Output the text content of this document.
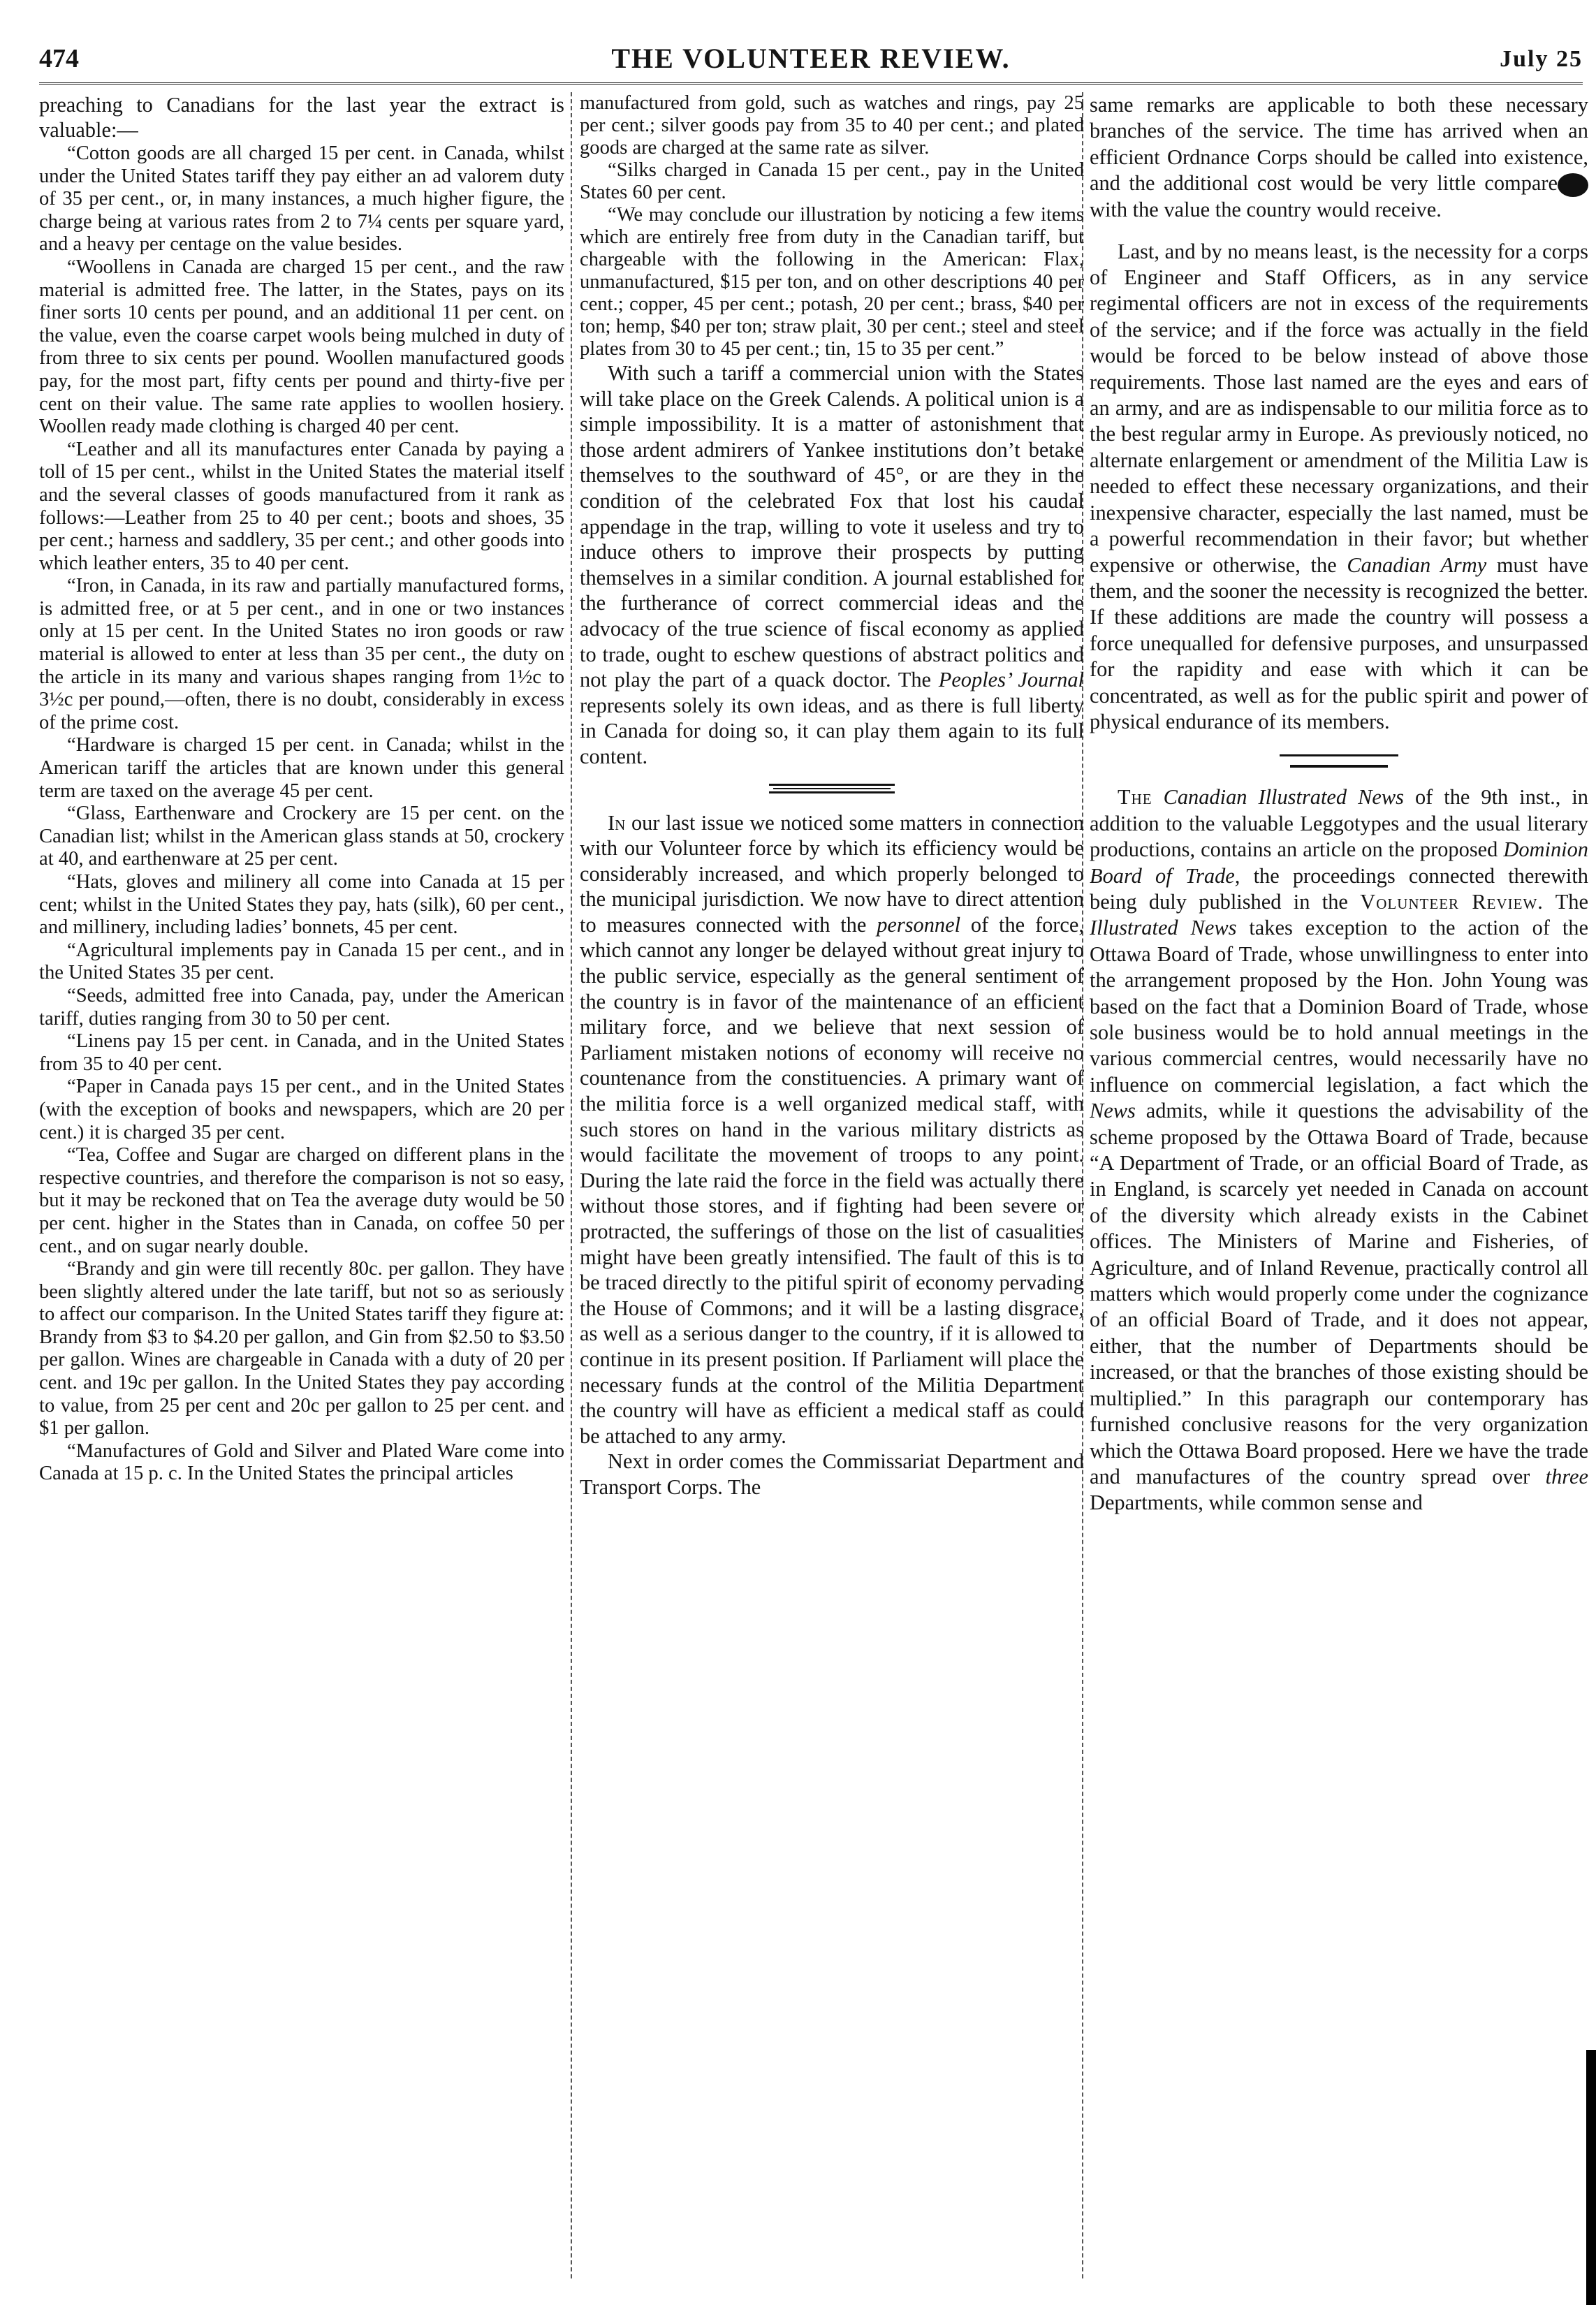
474	THE VOLUNTEER REVIEW.	July 25

preaching to Canadians for the last year the extract is valuable:—

“Cotton goods are all charged 15 per cent. in Canada, whilst under the United States tariff they pay either an ad valorem duty of 35 per cent., or, in many instances, a much higher figure, the charge being at various rates from 2 to 7¼ cents per square yard, and a heavy per centage on the value besides.

“Woollens in Canada are charged 15 per cent., and the raw material is admitted free. The latter, in the States, pays on its finer sorts 10 cents per pound, and an additional 11 per cent. on the value, even the coarse carpet wools being mulched in duty of from three to six cents per pound. Woollen manufactured goods pay, for the most part, fifty cents per pound and thirty-five per cent on their value. The same rate applies to woollen hosiery. Woollen ready made clothing is charged 40 per cent.

“Leather and all its manufactures enter Canada by paying a toll of 15 per cent., whilst in the United States the material itself and the several classes of goods manufactured from it rank as follows:—Leather from 25 to 40 per cent.; boots and shoes, 35 per cent.; harness and saddlery, 35 per cent.; and other goods into which leather enters, 35 to 40 per cent.

“Iron, in Canada, in its raw and partially manufactured forms, is admitted free, or at 5 per cent., and in one or two instances only at 15 per cent. In the United States no iron goods or raw material is allowed to enter at less than 35 per cent., the duty on the article in its many and various shapes ranging from 1½c to 3½c per pound,—often, there is no doubt, considerably in excess of the prime cost.

“Hardware is charged 15 per cent. in Canada; whilst in the American tariff the articles that are known under this general term are taxed on the average 45 per cent.

“Glass, Earthenware and Crockery are 15 per cent. on the Canadian list; whilst in the American glass stands at 50, crockery at 40, and earthenware at 25 per cent.

“Hats, gloves and milinery all come into Canada at 15 per cent; whilst in the United States they pay, hats (silk), 60 per cent., and millinery, including ladies’ bonnets, 45 per cent.

“Agricultural implements pay in Canada 15 per cent., and in the United States 35 per cent.

“Seeds, admitted free into Canada, pay, under the American tariff, duties ranging from 30 to 50 per cent.

“Linens pay 15 per cent. in Canada, and in the United States from 35 to 40 per cent.

“Paper in Canada pays 15 per cent., and in the United States (with the exception of books and newspapers, which are 20 per cent.) it is charged 35 per cent.

“Tea, Coffee and Sugar are charged on different plans in the respective countries, and therefore the comparison is not so easy, but it may be reckoned that on Tea the average duty would be 50 per cent. higher in the States than in Canada, on coffee 50 per cent., and on sugar nearly double.

“Brandy and gin were till recently 80c. per gallon. They have been slightly altered under the late tariff, but not so as seriously to affect our comparison. In the United States tariff they figure at: Brandy from $3 to $4.20 per gallon, and Gin from $2.50 to $3.50 per gallon. Wines are chargeable in Canada with a duty of 20 per cent. and 19c per gallon. In the United States they pay according to value, from 25 per cent and 20c per gallon to 25 per cent. and $1 per gallon.

“Manufactures of Gold and Silver and Plated Ware come into Canada at 15 p. c. In the United States the principal articles

manufactured from gold, such as watches and rings, pay 25 per cent.; silver goods pay from 35 to 40 per cent.; and plated goods are charged at the same rate as silver.

“Silks charged in Canada 15 per cent., pay in the United States 60 per cent.

“We may conclude our illustration by noticing a few items which are entirely free from duty in the Canadian tariff, but chargeable with the following in the American: Flax, unmanufactured, $15 per ton, and on other descriptions 40 per cent.; copper, 45 per cent.; potash, 20 per cent.; brass, $40 per ton; hemp, $40 per ton; straw plait, 30 per cent.; steel and steel plates from 30 to 45 per cent.; tin, 15 to 35 per cent.”

With such a tariff a commercial union with the States will take place on the Greek Calends. A political union is a simple impossibility. It is a matter of astonishment that those ardent admirers of Yankee institutions don’t betake themselves to the southward of 45°, or are they in the condition of the celebrated Fox that lost his caudal appendage in the trap, willing to vote it useless and try to induce others to improve their prospects by putting themselves in a similar condition. A journal established for the furtherance of correct commercial ideas and the advocacy of the true science of fiscal economy as applied to trade, ought to eschew questions of abstract politics and not play the part of a quack doctor. The Peoples’ Journal represents solely its own ideas, and as there is full liberty in Canada for doing so, it can play them again to its full content.

In our last issue we noticed some matters in connection with our Volunteer force by which its efficiency would be considerably increased, and which properly belonged to the municipal jurisdiction. We now have to direct attention to measures connected with the personnel of the force, which cannot any longer be delayed without great injury to the public service, especially as the general sentiment of the country is in favor of the maintenance of an efficient military force, and we believe that next session of Parliament mistaken notions of economy will receive no countenance from the constituencies. A primary want of the militia force is a well organized medical staff, with such stores on hand in the various military districts as would facilitate the movement of troops to any point. During the late raid the force in the field was actually there without those stores, and if fighting had been severe or protracted, the sufferings of those on the list of casualities might have been greatly intensified. The fault of this is to be traced directly to the pitiful spirit of economy pervading the House of Commons; and it will be a lasting disgrace, as well as a serious danger to the country, if it is allowed to continue in its present position. If Parliament will place the necessary funds at the control of the Militia Department the country will have as efficient a medical staff as could be attached to any army.

Next in order comes the Commissariat Department and Transport Corps. The

same remarks are applicable to both these necessary branches of the service. The time has arrived when an efficient Ordnance Corps should be called into existence, and the additional cost would be very little comparewith the value the country would receive.

Last, and by no means least, is the necessity for a corps of Engineer and Staff Officers, as in any service regimental officers are not in excess of the requirements of the service; and if the force was actually in the field would be forced to be below instead of above those requirements. Those last named are the eyes and ears of an army, and are as indispensable to our militia force as to the best regular army in Europe. As previously noticed, no alternate enlargement or amendment of the Militia Law is needed to effect these necessary organizations, and their inexpensive character, especially the last named, must be a powerful recommendation in their favor; but whether expensive or otherwise, the Canadian Army must have them, and the sooner the necessity is recognized the better. If these additions are made the country will possess a force unequalled for defensive purposes, and unsurpassed for the rapidity and ease with which it can be concentrated, as well as for the public spirit and power of physical endurance of its members.

The Canadian Illustrated News of the 9th inst., in addition to the valuable Leggotypes and the usual literary productions, contains an article on the proposed Dominion Board of Trade, the proceedings connected therewith being duly published in the Volunteer Review. The Illustrated News takes exception to the action of the Ottawa Board of Trade, whose unwillingness to enter into the arrangement proposed by the Hon. John Young was based on the fact that a Dominion Board of Trade, whose sole business would be to hold annual meetings in the various commercial centres, would necessarily have no influence on commercial legislation, a fact which the News admits, while it questions the advisability of the scheme proposed by the Ottawa Board of Trade, because “A Department of Trade, or an official Board of Trade, as in England, is scarcely yet needed in Canada on account of the diversity which already exists in the Cabinet offices. The Ministers of Marine and Fisheries, of Agriculture, and of Inland Revenue, practically control all matters which would properly come under the cognizance of an official Board of Trade, and it does not appear, either, that the number of Departments should be increased, or that the branches of those existing should be multiplied.” In this paragraph our contemporary has furnished conclusive reasons for the very organization which the Ottawa Board proposed. Here we have the trade and manufactures of the country spread over three Departments, while common sense and
